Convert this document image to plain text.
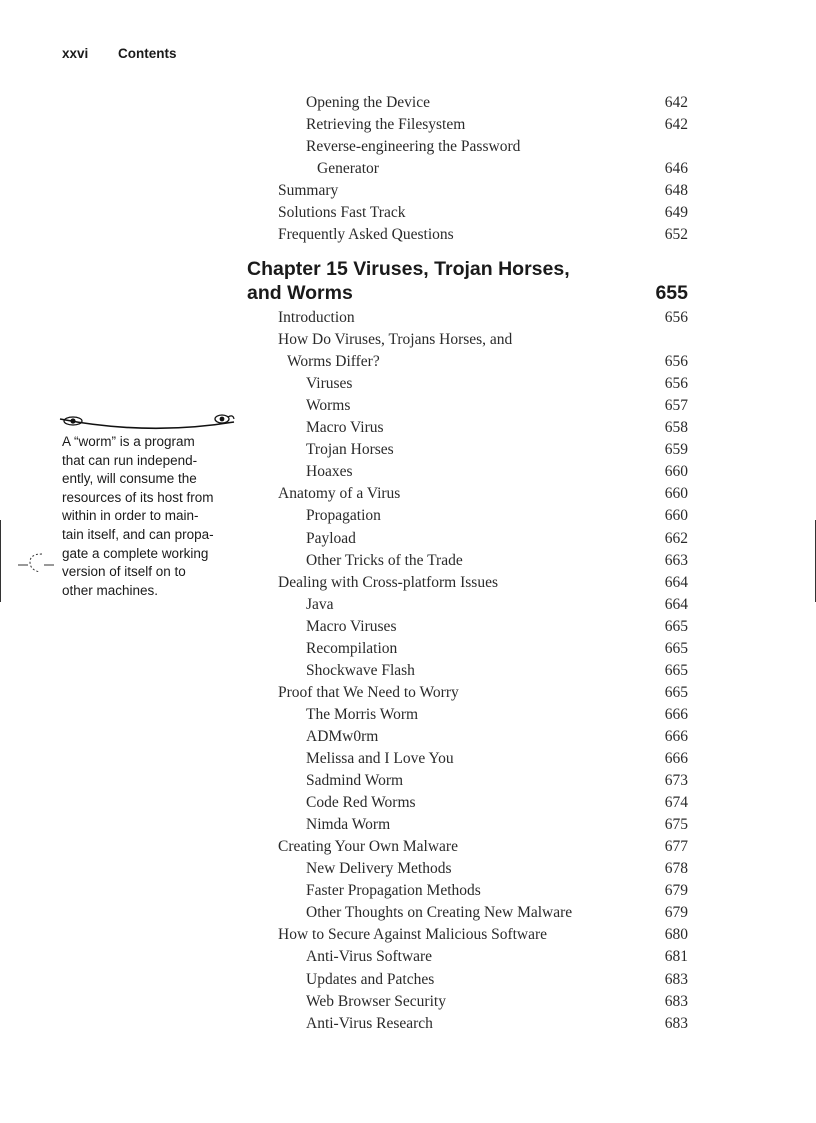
xxvi Contents
Opening the Device	642
Retrieving the Filesystem	642
Reverse-engineering the Password
Generator	646
Summary	648
Solutions Fast Track	649
Frequently Asked Questions	652
Chapter 15 Viruses, Trojan Horses,
and Worms	655
Introduction	656
How Do Viruses, Trojans Horses, and
Worms Differ?	656
Viruses	656
Worms	657
Macro Virus	658
Trojan Horses	659
Hoaxes	660
Anatomy of a Virus	660
Propagation	660
Payload	662
Other Tricks of the Trade	663
Dealing with Cross-platform Issues	664
Java	664
Macro Viruses	665
Recompilation	665
Shockwave Flash	665
Proof that We Need to Worry	665
The Morris Worm	666
ADMw0rm	666
Melissa and I Love You	666
Sadmind Worm	673
Code Red Worms	674
Nimda Worm	675
Creating Your Own Malware	677
New Delivery Methods	678
Faster Propagation Methods	679
Other Thoughts on Creating New Malware	679
How to Secure Against Malicious Software	680
Anti-Virus Software	681
Updates and Patches	683
Web Browser Security	683
Anti-Virus Research	683
A “worm” is a program
that can run independ-
ently, will consume the
resources of its host from
within in order to main-
tain itself, and can propa-
gate a complete working
version of itself on to
other machines.
